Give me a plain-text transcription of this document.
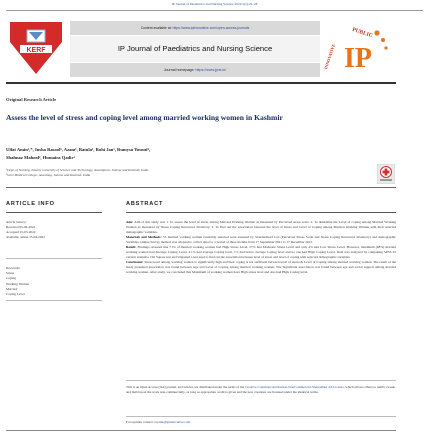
IP Journal of Paediatrics and Nursing Science 2022;5(1):22–28
KERF
Content available at: https://www.ipinnovative.com/open-access-journals
IP Journal of Paediatrics and Nursing Science
Journal homepage: https://www.jpns.in/
PUBLIC
INNOVATIVE IP
Original Research Article
Assess the level of stress and coping level among married working women in Kashmir
Ulfat Amin¹,*, Insha Rasool¹, Azam¹, Batula¹, Rohi Jan¹, Rumysa Yousuf¹,
Shahnaz Mahool², Humaira Qadir¹
¹Dept. of Nursing, Islamic university of Science and Technology, Awantipora, Jammu and Kashmir, India
²Govt Medical College, Anantnag, Jammu and Kashmir, India
ARTICLE INFO	ABSTRACT
Article history:
Received 05-04-2022
Accepted 25-03-2022
Available online 15-04-2022
Keywords:
Stress
Coping
Working Women
Married
Coping Level
Aim: Aim of this study was 1. To assess the level of stress among Married Working Women as measured by Perceived stress scale. 2. To determine the Level of coping among Married Working Women as measured by Stress Coping Resources Inventory. 3. To find out the association between the level of stress and Level of Coping among Married Working Women with their selected demographic variables.
Materials and Methods: 55 married working women randomly selected were assessed by Standardized tool (Perceived Stress Scale and Stress Coping Resources Inventory) and demographic Variables. Online Survey method was adopted to collect data for a period of three months from 17 September 2021 to 17 December 2021.
Result: Findings revealed that 71% of married working women had High Stress Level, 27% had Moderate Stress Level and only 4% had Low Stress Level. However, maximum (98%) married working women had Average Coping Level, 4.1% had average Coping level, 1% had below average Coping level and no one had High Coping Level. Data was analyzed by computing SPSS 23 version statistics. Chi Square test and Unpaired t-test used to find out the association between level of stress and level of coping with selected demographic variables.
Conclusion: Stress level among working women is significantly high and their coping is not sufficient between level of stress & Level of Coping among married working women. The result of the study presented association was found between Age and Level of Coping among married working women. The Significant association was found between age and social support among married working women. After study, we concluded that Maximum of working women have High stress level and also had High Coping level.
This is an Open Access (OA) journal, and articles are distributed under the terms of the Creative Commons Attribution-NonCommercial-ShareAlike 4.0 License, which allows others to remix, tweak, and build upon the work non-commercially, as long as appropriate credit is given and the new creations are licensed under the identical terms.
For reprints contact: reprint@ipinnovative.com
